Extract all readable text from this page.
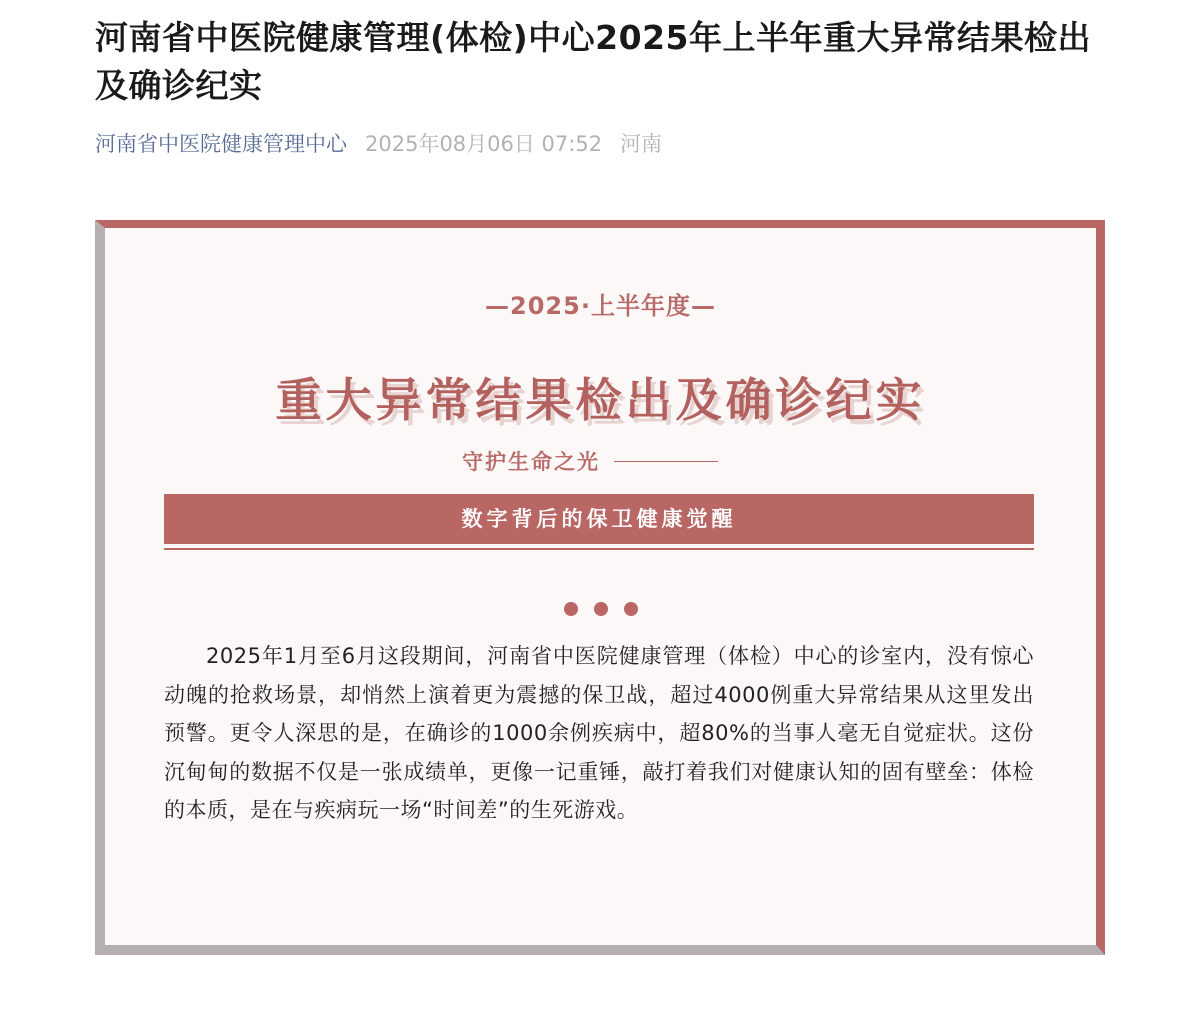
河南省中医院健康管理(体检)中心2025年上半年重大异常结果检出及确诊纪实
河南省中医院健康管理中心 2025年08月06日 07:52 河南
—2025·上半年度—
重大异常结果检出及确诊纪实
守护生命之光
数字背后的保卫健康觉醒

2025年1月至6月这段期间，河南省中医院健康管理（体检）中心的诊室内，没有惊心动魄的抢救场景，却悄然上演着更为震撼的保卫战，超过4000例重大异常结果从这里发出预警。更令人深思的是，在确诊的1000余例疾病中，超80%的当事人毫无自觉症状。这份沉甸甸的数据不仅是一张成绩单，更像一记重锤，敲打着我们对健康认知的固有壁垒：体检的本质，是在与疾病玩一场“时间差”的生死游戏。
